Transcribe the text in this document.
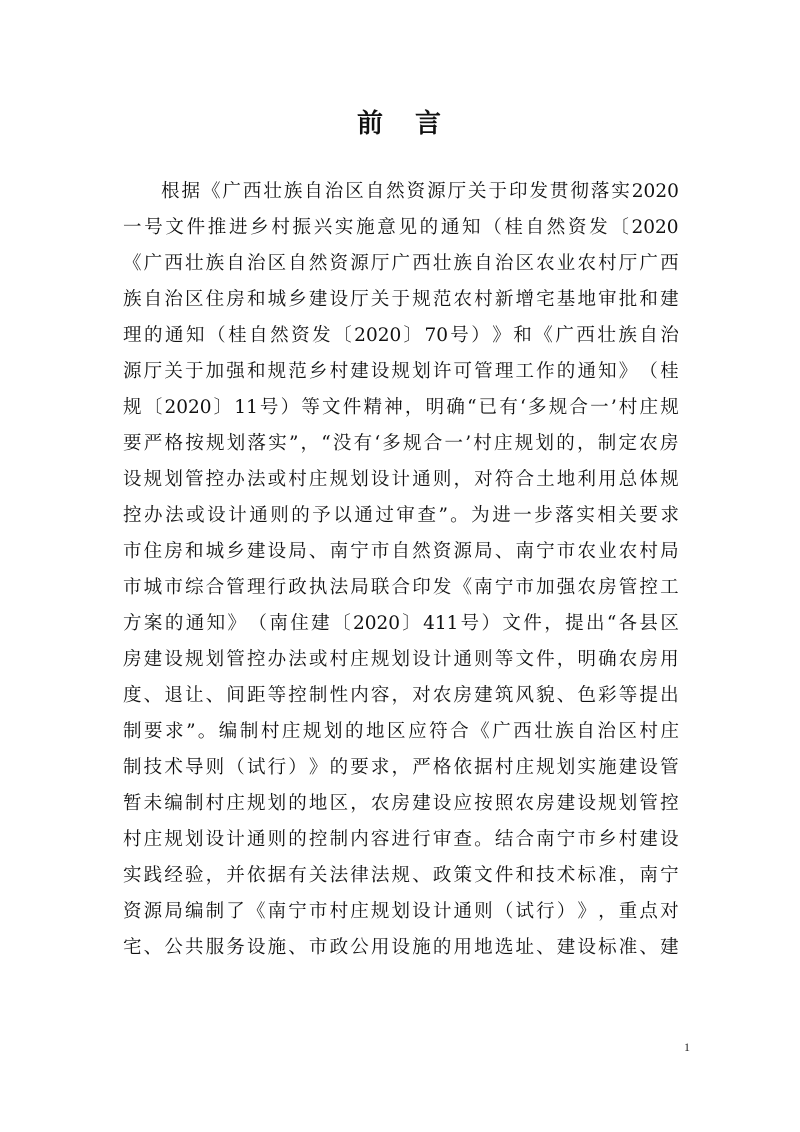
前 言
根 据 《 广 西 壮 族 自 治 区 自 然 资 源 厅 关 于 印 发 贯 彻 落 实 2020
一 号 文 件 推 进 乡 村 振 兴 实 施 意 见 的 通 知 （ 桂 自 然 资 发 〔 2020
《 广 西 壮 族 自 治 区 自 然 资 源 厅 广 西 壮 族 自 治 区 农 业 农 村 厅 广 西
族 自 治 区 住 房 和 城 乡 建 设 厅 关 于 规 范 农 村 新 增 宅 基 地 审 批 和 建
理 的 通 知 （ 桂 自 然 资 发 〔 2020 〕 70 号 ） 》 和 《 广 西 壮 族 自 治
源 厅 关 于 加 强 和 规 范 乡 村 建 设 规 划 许 可 管 理 工 作 的 通 知 》 （ 桂
规 〔 2020 〕 11 号 ） 等 文 件 精 神 ， 明 确 “ 已 有 ‘ 多 规 合 一 ’ 村 庄 规
要 严 格 按 规 划 落 实 ” ， “ 没 有 ‘ 多 规 合 一 ’ 村 庄 规 划 的 ， 制 定 农 房
设 规 划 管 控 办 法 或 村 庄 规 划 设 计 通 则 ， 对 符 合 土 地 利 用 总 体 规
控 办 法 或 设 计 通 则 的 予 以 通 过 审 查 ” 。 为 进 一 步 落 实 相 关 要 求
市 住 房 和 城 乡 建 设 局 、 南 宁 市 自 然 资 源 局 、 南 宁 市 农 业 农 村 局
市 城 市 综 合 管 理 行 政 执 法 局 联 合 印 发 《 南 宁 市 加 强 农 房 管 控 工
方 案 的 通 知 》 （ 南 住 建 〔 2020 〕 411 号 ） 文 件 ， 提 出 “ 各 县 区
房 建 设 规 划 管 控 办 法 或 村 庄 规 划 设 计 通 则 等 文 件 ， 明 确 农 房 用
度 、 退 让 、 间 距 等 控 制 性 内 容 ， 对 农 房 建 筑 风 貌 、 色 彩 等 提 出
制 要 求 ” 。 编 制 村 庄 规 划 的 地 区 应 符 合 《 广 西 壮 族 自 治 区 村 庄
制 技 术 导 则 （ 试 行 ） 》 的 要 求 ， 严 格 依 据 村 庄 规 划 实 施 建 设 管
暂 未 编 制 村 庄 规 划 的 地 区 ， 农 房 建 设 应 按 照 农 房 建 设 规 划 管 控
村 庄 规 划 设 计 通 则 的 控 制 内 容 进 行 审 查 。 结 合 南 宁 市 乡 村 建 设
实 践 经 验 ， 并 依 据 有 关 法 律 法 规 、 政 策 文 件 和 技 术 标 准 ， 南 宁
资 源 局 编 制 了 《 南 宁 市 村 庄 规 划 设 计 通 则 （ 试 行 ） 》 ， 重 点 对
宅 、 公 共 服 务 设 施 、 市 政 公 用 设 施 的 用 地 选 址 、 建 设 标 准 、 建
1
